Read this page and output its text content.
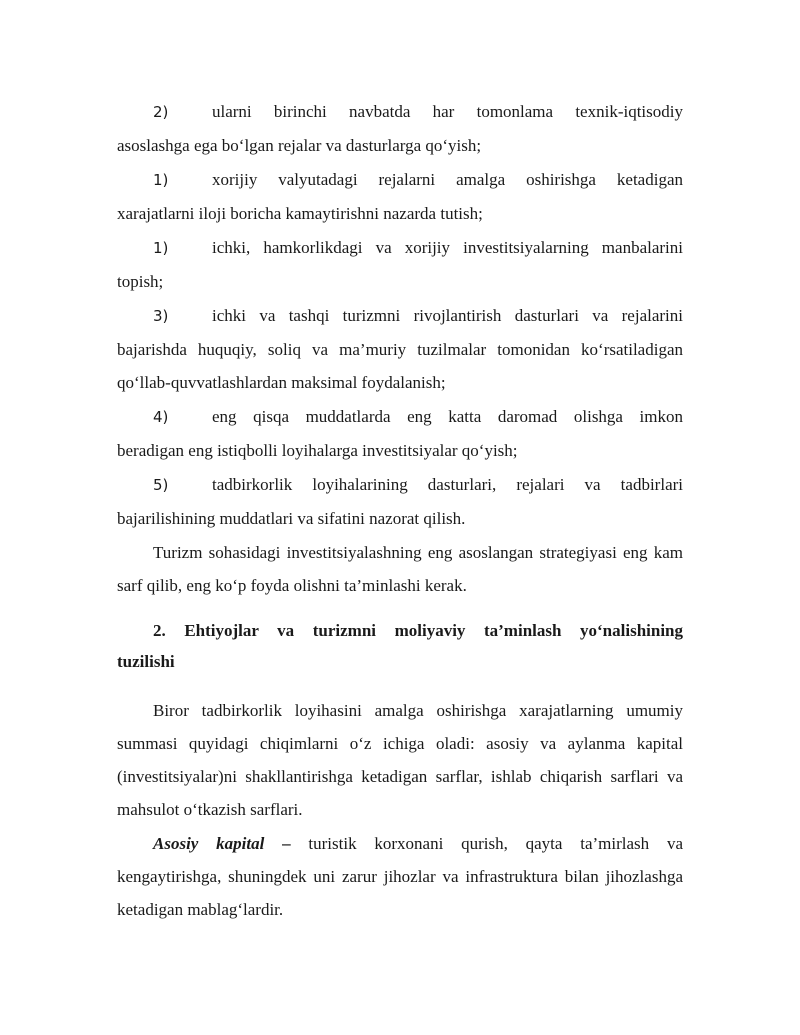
2)	ularni birinchi navbatda har tomonlama texnik-iqtisodiy
asoslashga ega bo‘lgan rejalar va dasturlarga qo‘yish;
1)	xorijiy valyutadagi rejalarni amalga oshirishga ketadigan
xarajatlarni iloji boricha kamaytirishni nazarda tutish;
1)	ichki, hamkorlikdagi va xorijiy investitsiyalarning manbalarini
topish;
3)	ichki va tashqi turizmni rivojlantirish dasturlari va rejalarini
bajarishda huquqiy, soliq va ma’muriy tuzilmalar tomonidan ko‘rsatiladigan qo‘llab-quvvatlashlardan maksimal foydalanish;
4)	eng qisqa muddatlarda eng katta daromad olishga imkon
beradigan eng istiqbolli loyihalarga investitsiyalar qo‘yish;
5)	tadbirkorlik loyihalarining dasturlari, rejalari va tadbirlari
bajarilishining muddatlari va sifatini nazorat qilish.

Turizm sohasidagi investitsiyalashning eng asoslangan strategiyasi eng kam sarf qilib, eng ko‘p foyda olishni ta’minlashi kerak.

2. Ehtiyojlar va turizmni moliyaviy ta’minlash yo‘nalishining
tuzilishi

Biror tadbirkorlik loyihasini amalga oshirishga xarajatlarning umumiy summasi quyidagi chiqimlarni o‘z ichiga oladi: asosiy va aylanma kapital (investitsiyalar)ni shakllantirishga ketadigan sarflar, ishlab chiqarish sarflari va mahsulot o‘tkazish sarflari.

Asosiy kapital – turistik korxonani qurish, qayta ta’mirlash va kengaytirishga, shuningdek uni zarur jihozlar va infrastruktura bilan jihozlashga ketadigan mablag‘lardir.
